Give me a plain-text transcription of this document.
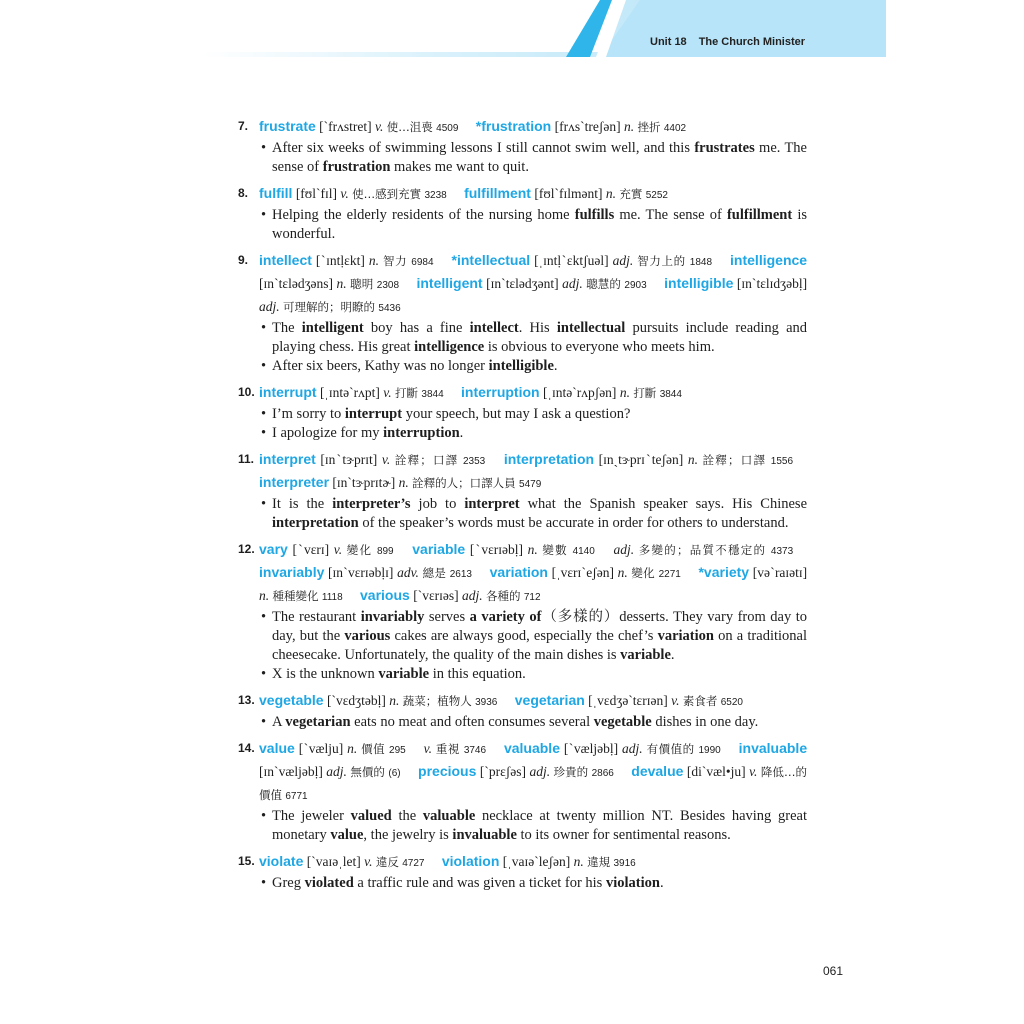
Unit 18 The Church Minister
7. frustrate [ˋfrʌstret] v. 使…沮喪 4509 *frustration [frʌsˋtreʃən] n. 挫折 4402
• After six weeks of swimming lessons I still cannot swim well, and this frustrates me. The sense of frustration makes me want to quit.
8. fulfill [fʊlˋfɪl] v. 使…感到充實 3238 fulfillment [fʊlˋfɪlmənt] n. 充實 5252
• Helping the elderly residents of the nursing home fulfills me. The sense of fulfillment is wonderful.
9. intellect [ˋɪntḷɛkt] n. 智力 6984 *intellectual [ˌɪntḷˋɛktʃuəl] adj. 智力上的 1848 intelligence [ɪnˋtɛlədʒəns] n. 聰明 2308 intelligent [ɪnˋtɛlədʒənt] adj. 聰慧的 2903 intelligible [ɪnˋtɛlɪdʒəbḷ] adj. 可理解的；明瞭的 5436
• The intelligent boy has a fine intellect. His intellectual pursuits include reading and playing chess. His great intelligence is obvious to everyone who meets him.
• After six beers, Kathy was no longer intelligible.
10. interrupt [ˌɪntəˋrʌpt] v. 打斷 3844 interruption [ˌɪntəˋrʌpʃən] n. 打斷 3844
• I’m sorry to interrupt your speech, but may I ask a question?
• I apologize for my interruption.
11. interpret [ɪnˋtɝprɪt] v. 詮釋；口譯 2353 interpretation [ɪnˏtɝprɪˋteʃən] n. 詮釋；口譯 1556 interpreter [ɪnˋtɝprɪtɚ] n. 詮釋的人；口譯人員 5479
• It is the interpreter’s job to interpret what the Spanish speaker says. His Chinese interpretation of the speaker’s words must be accurate in order for others to understand.
12. vary [ˋvɛrɪ] v. 變化 899 variable [ˋvɛrɪəbḷ] n. 變數 4140 adj. 多變的；品質不穩定的 4373 invariably [ɪnˋvɛrɪəbḷɪ] adv. 總是 2613 variation [ˌvɛrɪˋeʃən] n. 變化 2271 *variety [vəˋraɪətɪ] n. 種種變化 1118 various [ˋvɛrɪəs] adj. 各種的 712
• The restaurant invariably serves a variety of（多樣的）desserts. They vary from day to day, but the various cakes are always good, especially the chef’s variation on a traditional cheesecake. Unfortunately, the quality of the main dishes is variable.
• X is the unknown variable in this equation.
13. vegetable [ˋvɛdʒtəbḷ] n. 蔬菜；植物人 3936 vegetarian [ˌvɛdʒəˋtɛrɪən] v. 素食者 6520
• A vegetarian eats no meat and often consumes several vegetable dishes in one day.
14. value [ˋvælju] n. 價值 295 v. 重視 3746 valuable [ˋvæljəbḷ] adj. 有價值的 1990 invaluable [ɪnˋvæljəbḷ] adj. 無價的 (6) precious [ˋprɛʃəs] adj. 珍貴的 2866 devalue [diˋvæl•ju] v. 降低…的價值 6771
• The jeweler valued the valuable necklace at twenty million NT. Besides having great monetary value, the jewelry is invaluable to its owner for sentimental reasons.
15. violate [ˋvaɪəˌlet] v. 違反 4727 violation [ˌvaɪəˋleʃən] n. 違規 3916
• Greg violated a traffic rule and was given a ticket for his violation.
061
